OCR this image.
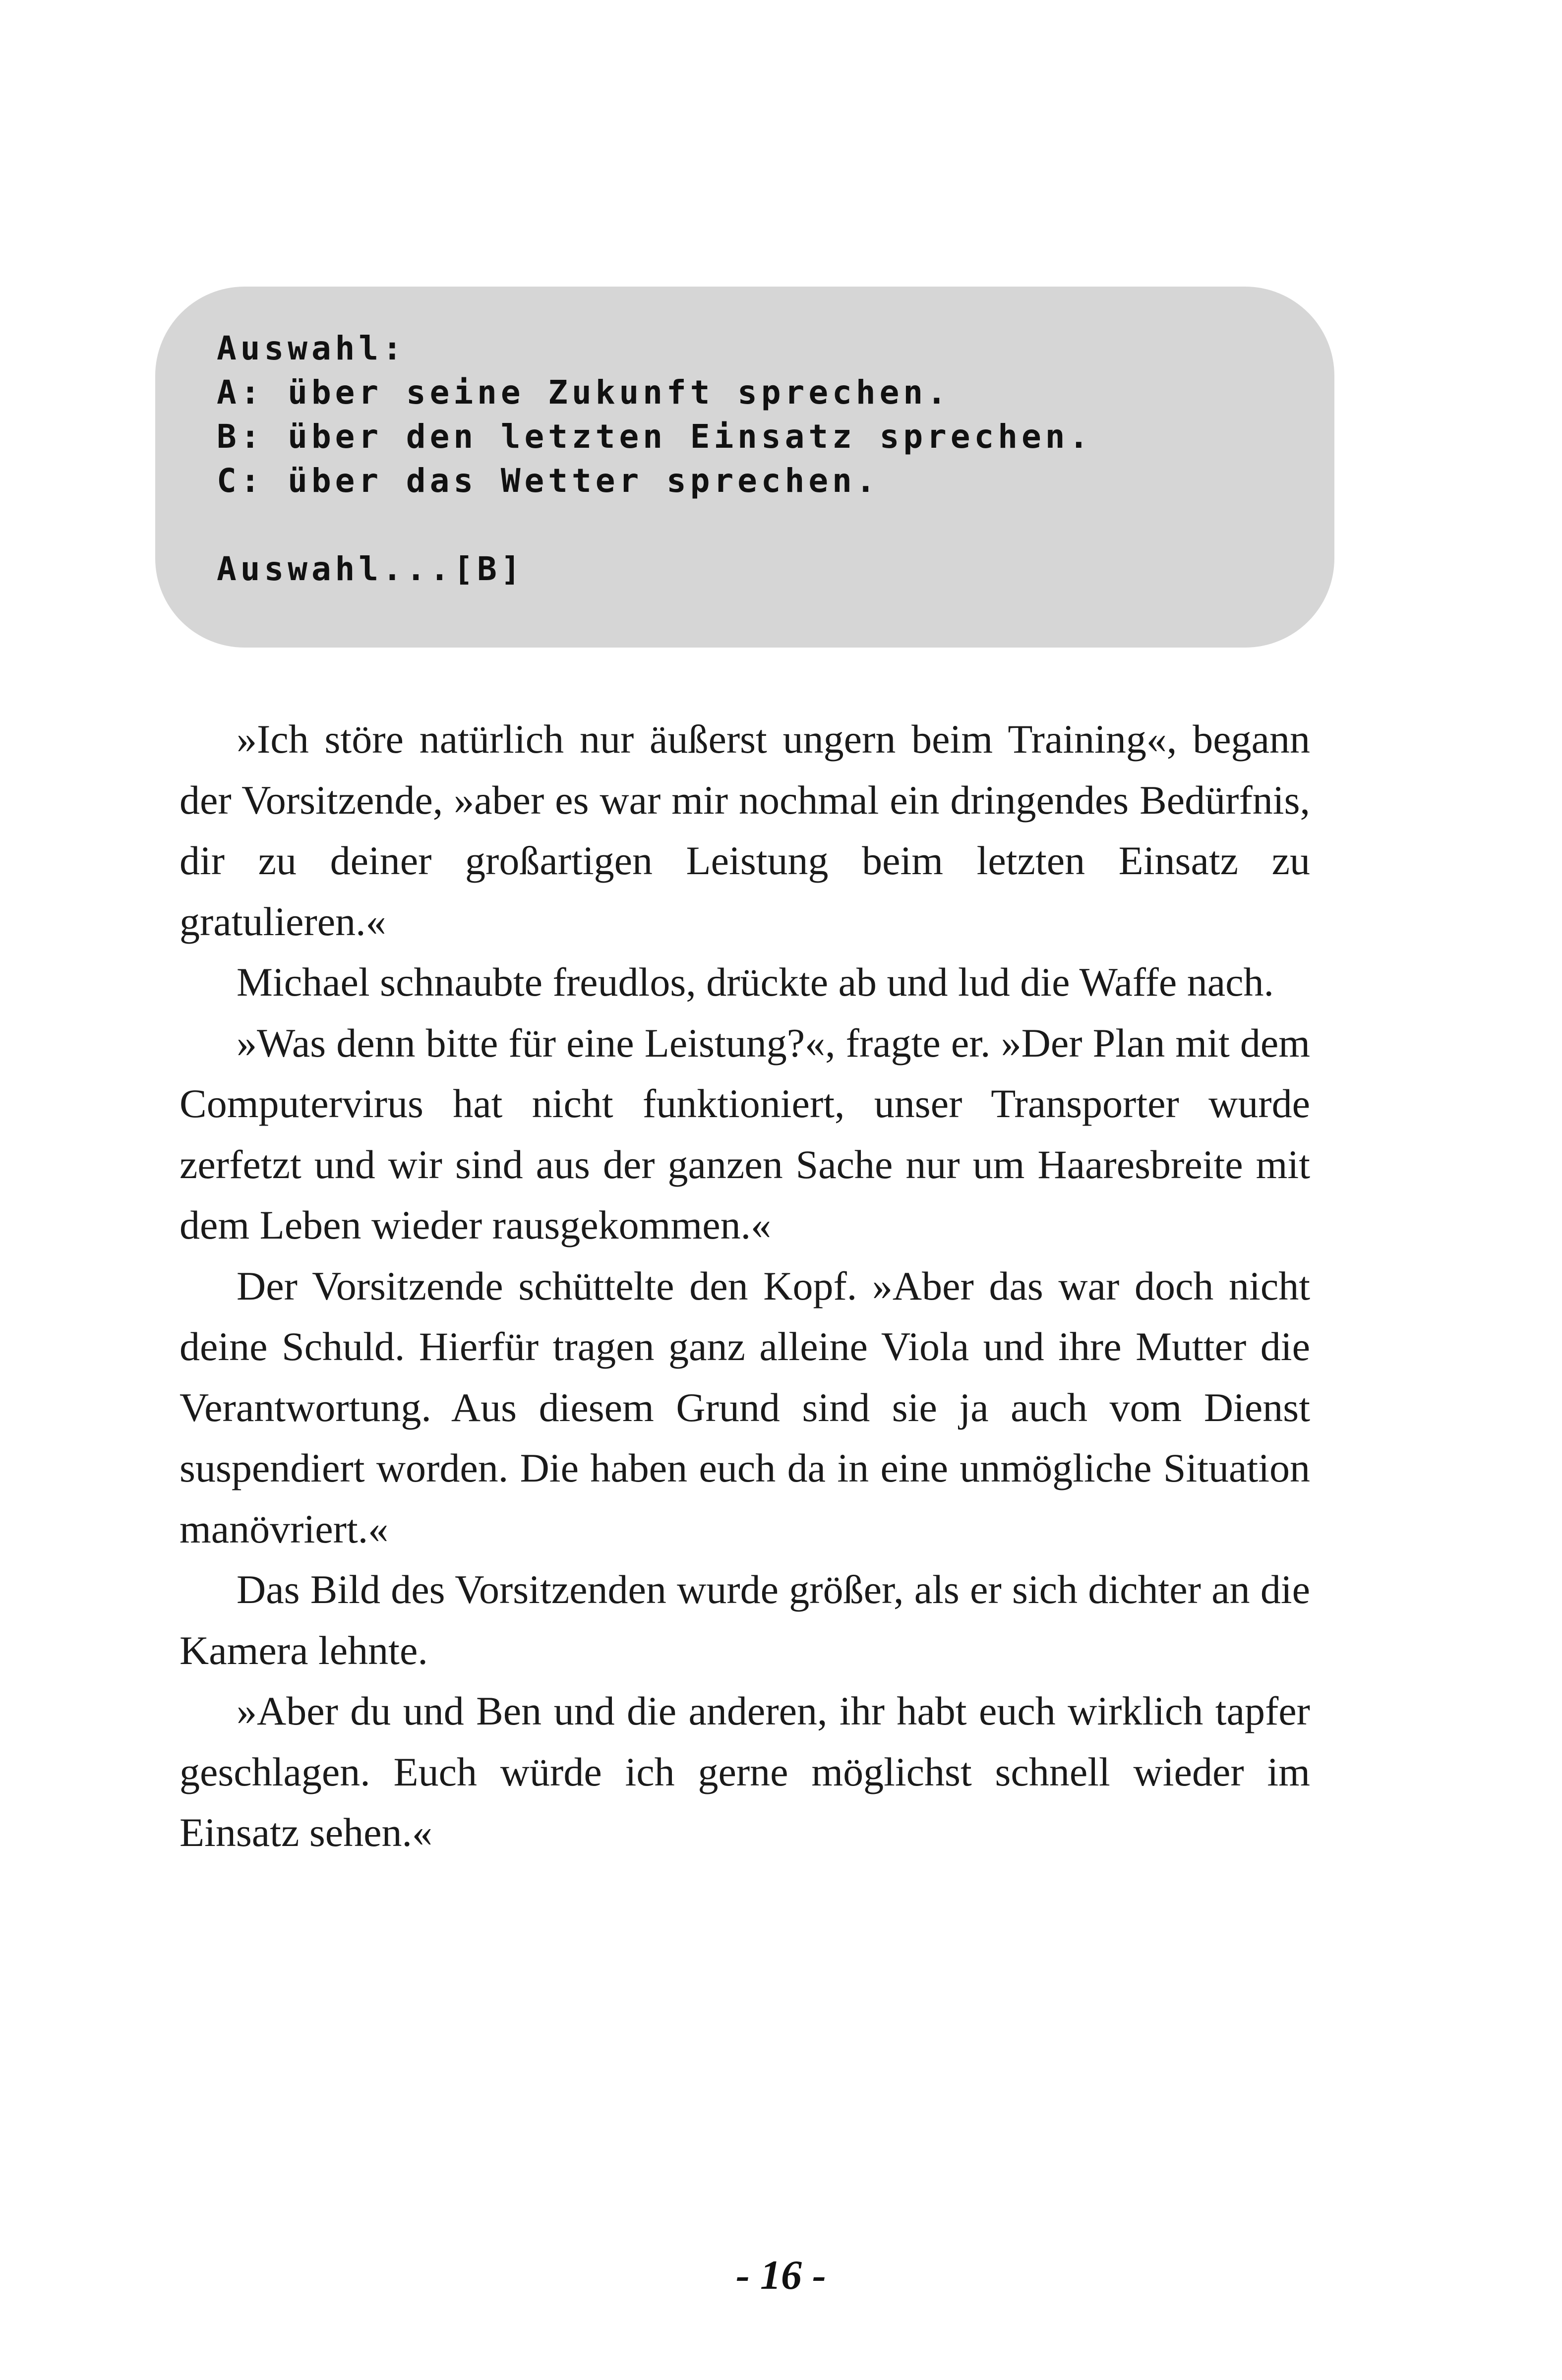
Auswahl:
A: über seine Zukunft sprechen.
B: über den letzten Einsatz sprechen.
C: über das Wetter sprechen.
Auswahl...[B]

»Ich störe natürlich nur äußerst ungern beim Training«, begann der Vorsitzende, »aber es war mir nochmal ein dringendes Bedürfnis, dir zu deiner großartigen Leistung beim letzten Einsatz zu gratulieren.«

Michael schnaubte freudlos, drückte ab und lud die Waffe nach.

»Was denn bitte für eine Leistung?«, fragte er. »Der Plan mit dem Computervirus hat nicht funktioniert, unser Transporter wurde zerfetzt und wir sind aus der ganzen Sache nur um Haaresbreite mit dem Leben wieder rausgekommen.«

Der Vorsitzende schüttelte den Kopf. »Aber das war doch nicht deine Schuld. Hierfür tragen ganz alleine Viola und ihre Mutter die Verantwortung. Aus diesem Grund sind sie ja auch vom Dienst suspendiert worden. Die haben euch da in eine unmögliche Situation manövriert.«

Das Bild des Vorsitzenden wurde größer, als er sich dichter an die Kamera lehnte.

»Aber du und Ben und die anderen, ihr habt euch wirklich tapfer geschlagen. Euch würde ich gerne möglichst schnell wieder im Einsatz sehen.«

- 16 -
